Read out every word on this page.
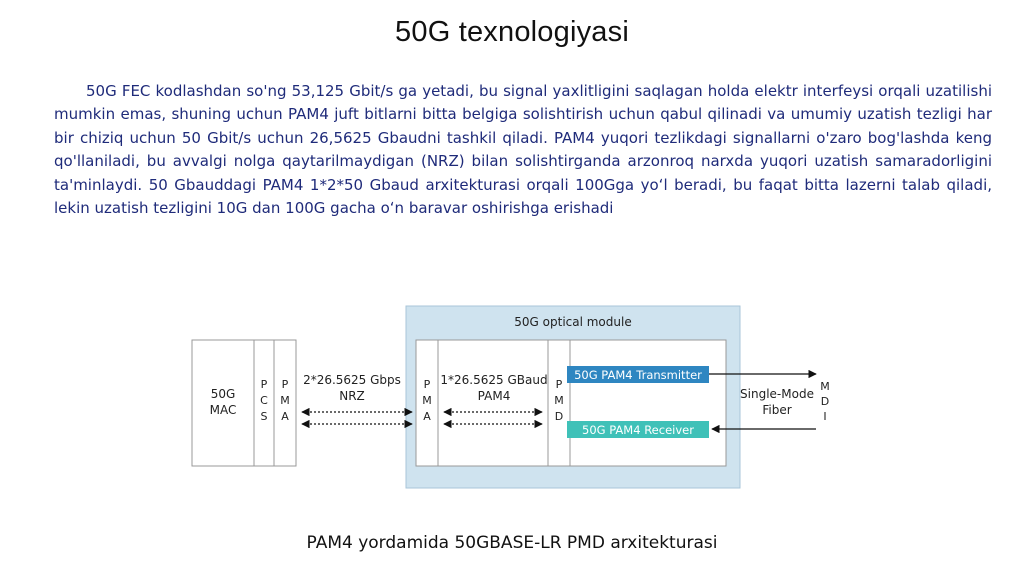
50G texnologiyasi

50G FEC kodlashdan so'ng 53,125 Gbit/s ga yetadi, bu signal yaxlitligini saqlagan holda elektr interfeysi orqali uzatilishi mumkin emas, shuning uchun PAM4 juft bitlarni bitta belgiga solishtirish uchun qabul qilinadi va umumiy uzatish tezligi har bir chiziq uchun 50 Gbit/s uchun 26,5625 Gbaudni tashkil qiladi. PAM4 yuqori tezlikdagi signallarni o'zaro bog'lashda keng qo'llaniladi, bu avvalgi nolga qaytarilmaydigan (NRZ) bilan solishtirganda arzonroq narxda yuqori uzatish samaradorligini ta'minlaydi. 50 Gbauddagi PAM4 1*2*50 Gbaud arxitekturasi orqali 100Gga yoʻl beradi, bu faqat bitta lazerni talab qiladi, lekin uzatish tezligini 10G dan 100G gacha oʻn baravar oshirishga erishadi

50G optical module
50G
MAC
P
C
S
P
M
A
2*26.5625 Gbps
NRZ
P
M
A
1*26.5625 GBaud
PAM4
P
M
D
50G PAM4 Transmitter
50G PAM4 Receiver
Single-Mode
Fiber
M
D
I

PAM4 yordamida 50GBASE-LR PMD arxitekturasi
